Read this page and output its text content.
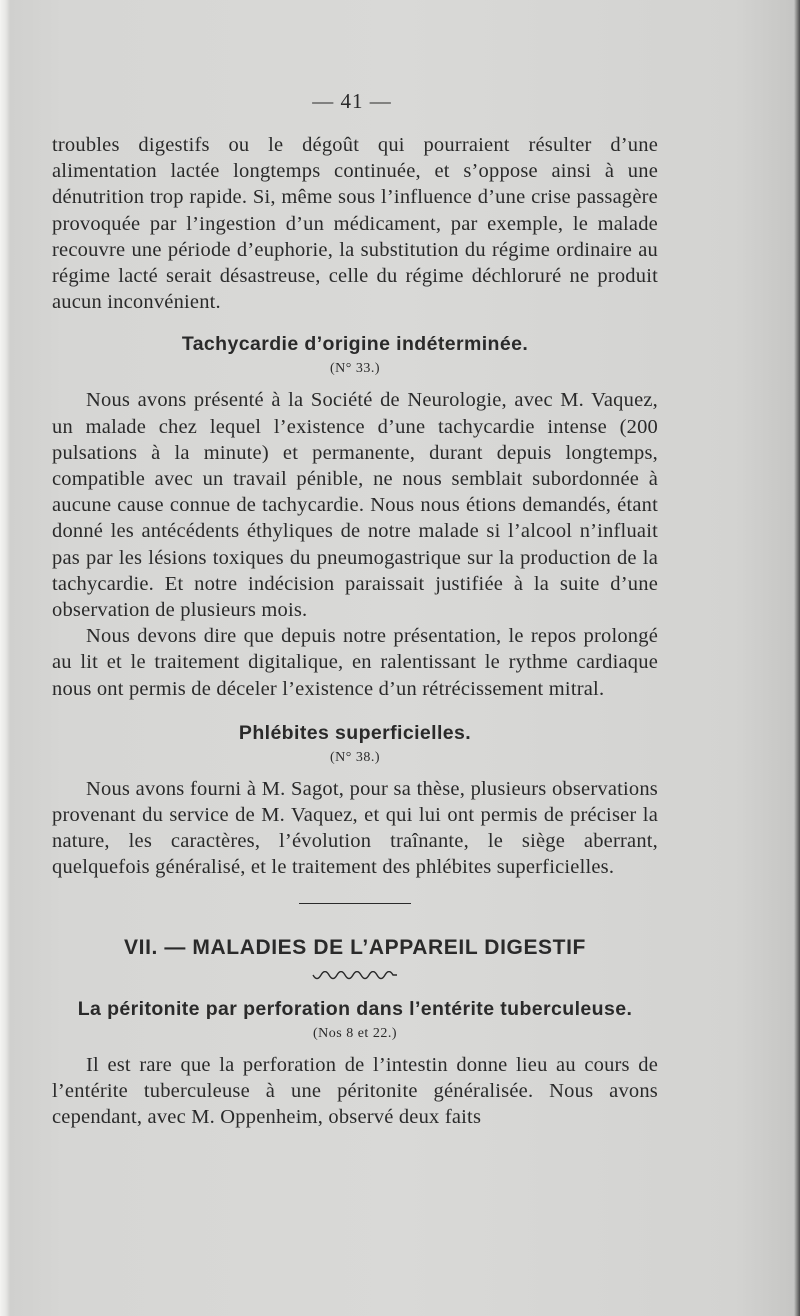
— 41 —

troubles digestifs ou le dégoût qui pourraient résulter d’une alimentation lactée longtemps continuée, et s’oppose ainsi à une dénutrition trop rapide. Si, même sous l’influence d’une crise passagère provoquée par l’ingestion d’un médicament, par exemple, le malade recouvre une période d’euphorie, la substitution du régime ordinaire au régime lacté serait désastreuse, celle du régime déchloruré ne produit aucun inconvénient.

Tachycardie d’origine indéterminée.

(N° 33.)

Nous avons présenté à la Société de Neurologie, avec M. Vaquez, un malade chez lequel l’existence d’une tachycardie intense (200 pulsations à la minute) et permanente, durant depuis longtemps, compatible avec un travail pénible, ne nous semblait subordonnée à aucune cause connue de tachycardie. Nous nous étions demandés, étant donné les antécédents éthyliques de notre malade si l’alcool n’influait pas par les lésions toxiques du pneumogastrique sur la production de la tachycardie. Et notre indécision paraissait justifiée à la suite d’une observation de plusieurs mois.

Nous devons dire que depuis notre présentation, le repos prolongé au lit et le traitement digitalique, en ralentissant le rythme cardiaque nous ont permis de déceler l’existence d’un rétrécissement mitral.

Phlébites superficielles.

(N° 38.)

Nous avons fourni à M. Sagot, pour sa thèse, plusieurs observations provenant du service de M. Vaquez, et qui lui ont permis de préciser la nature, les caractères, l’évolution traînante, le siège aberrant, quelquefois généralisé, et le traitement des phlébites superficielles.

VII. — MALADIES DE L’APPAREIL DIGESTIF

La péritonite par perforation dans l’entérite tuberculeuse.

(Nos 8 et 22.)

Il est rare que la perforation de l’intestin donne lieu au cours de l’entérite tuberculeuse à une péritonite généralisée. Nous avons cependant, avec M. Oppenheim, observé deux faits
